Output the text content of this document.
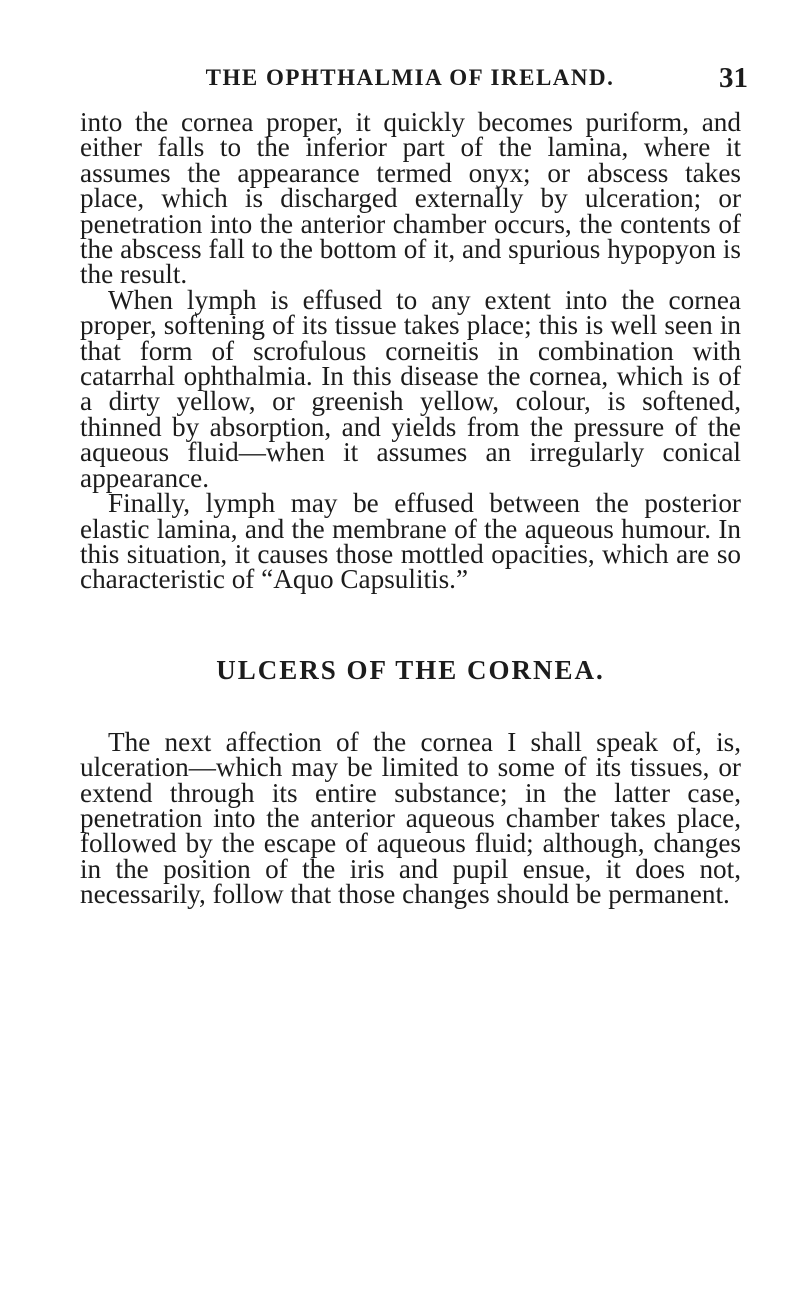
THE OPHTHALMIA OF IRELAND.	31

into the cornea proper, it quickly becomes puriform, and either falls to the inferior part of the lamina, where it assumes the appearance termed onyx; or abscess takes place, which is discharged externally by ulceration; or penetration into the anterior chamber occurs, the contents of the abscess fall to the bottom of it, and spurious hypopyon is the result.

When lymph is effused to any extent into the cornea proper, softening of its tissue takes place; this is well seen in that form of scrofulous corneitis in combination with catarrhal ophthalmia. In this disease the cornea, which is of a dirty yellow, or greenish yellow, colour, is softened, thinned by absorption, and yields from the pressure of the aqueous fluid—when it assumes an irregularly conical appearance.

Finally, lymph may be effused between the posterior elastic lamina, and the membrane of the aqueous humour. In this situation, it causes those mottled opacities, which are so characteristic of “Aquo Capsulitis.”

ULCERS OF THE CORNEA.

The next affection of the cornea I shall speak of, is, ulceration—which may be limited to some of its tissues, or extend through its entire substance; in the latter case, penetration into the anterior aqueous chamber takes place, followed by the escape of aqueous fluid; although, changes in the position of the iris and pupil ensue, it does not, necessarily, follow that those changes should be permanent.
